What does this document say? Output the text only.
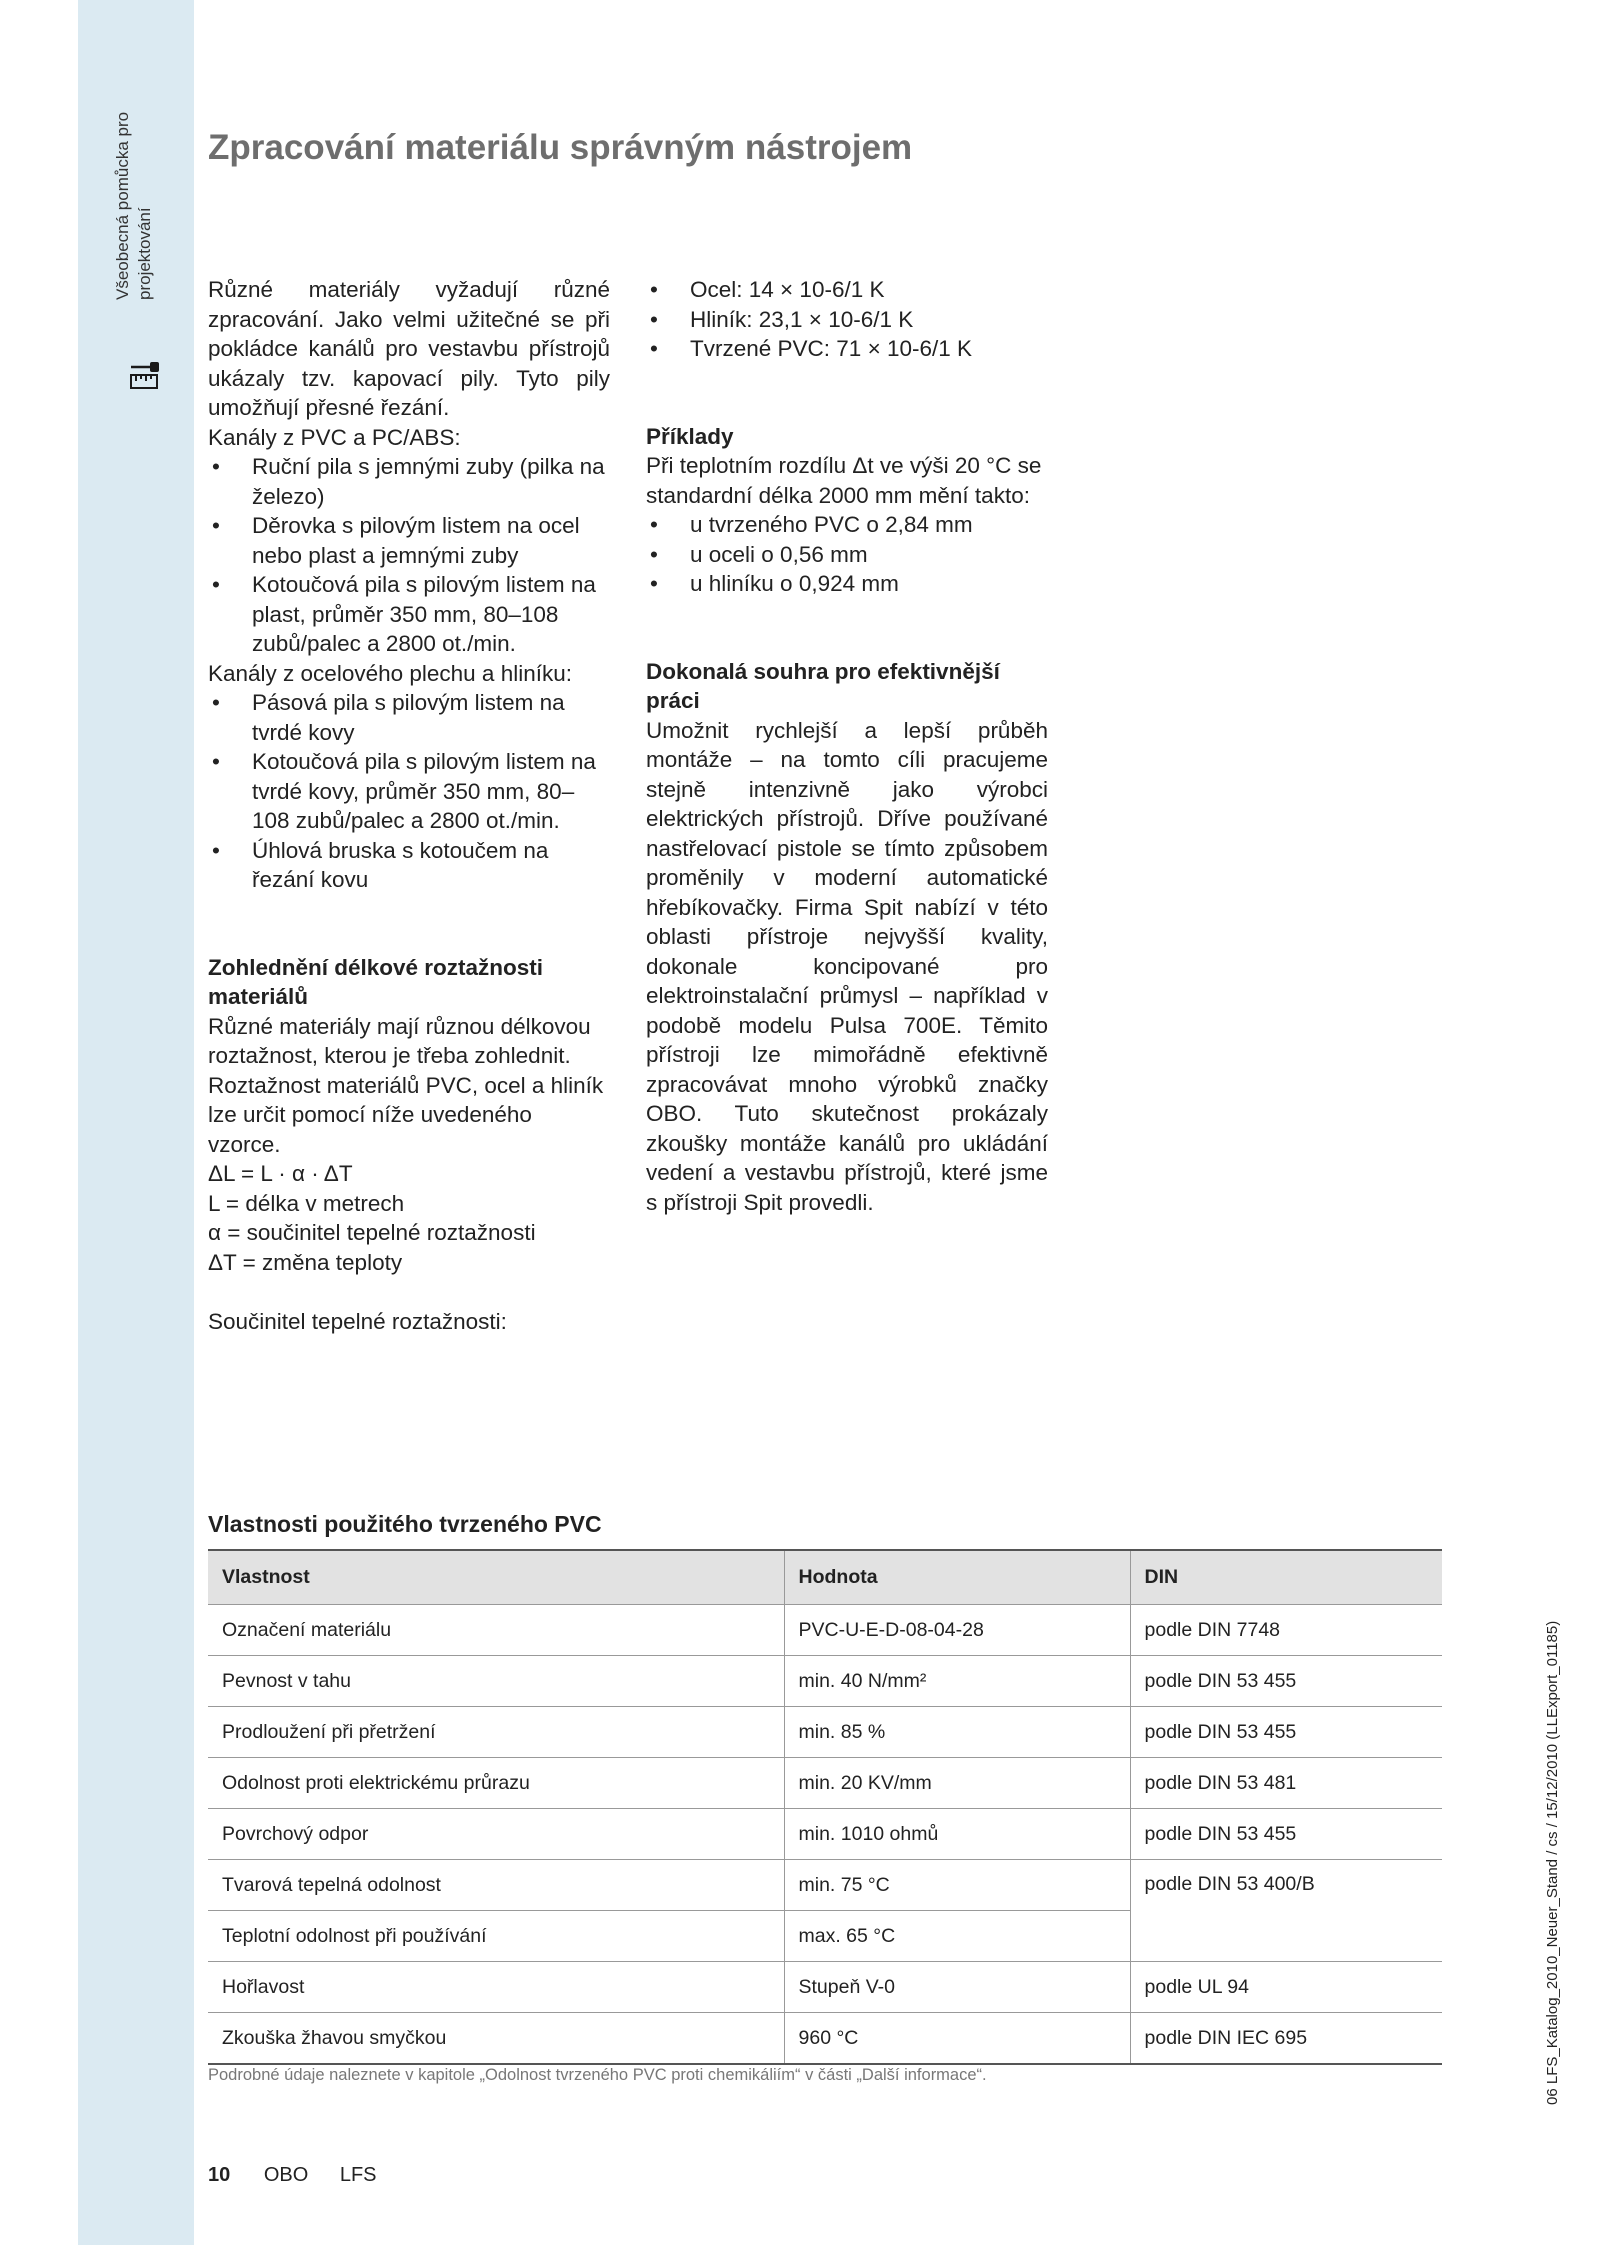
Všeobecná pomůcka pro projektování
06 LFS_Katalog_2010_Neuer_Stand / cs / 15/12/2010 (LLExport_01185)
Zpracování materiálu správným nástrojem

Různé materiály vyžadují různé zpracování. Jako velmi užitečné se při pokládce kanálů pro vestavbu přístrojů ukázaly tzv. kapovací pily. Tyto pily umožňují přesné řezání.

Kanály z PVC a PC/ABS:

• Ruční pila s jemnými zuby (pilka na železo)
• Děrovka s pilovým listem na ocel nebo plast a jemnými zuby
• Kotoučová pila s pilovým listem na plast, průměr 350 mm, 80–108 zubů/palec a 2800 ot./min.

Kanály z ocelového plechu a hliníku:

• Pásová pila s pilovým listem na tvrdé kovy
• Kotoučová pila s pilovým listem na tvrdé kovy, průměr 350 mm, 80–108 zubů/palec a 2800 ot./min.
• Úhlová bruska s kotoučem na řezání kovu
Zohlednění délkové roztažnosti materiálů

Různé materiály mají různou délkovou roztažnost, kterou je třeba zohlednit. Roztažnost materiálů PVC, ocel a hliník lze určit pomocí níže uvedeného vzorce.

ΔL = L · α · ΔT

L = délka v metrech

α = součinitel tepelné roztažnosti

ΔT = změna teploty

Součinitel tepelné roztažnosti:

• Ocel: 14 × 10-6/1 K
• Hliník: 23,1 × 10-6/1 K
• Tvrzené PVC: 71 × 10-6/1 K
Příklady

Při teplotním rozdílu Δt ve výši 20 °C se standardní délka 2000 mm mění takto:

• u tvrzeného PVC o 2,84 mm
• u oceli o 0,56 mm
• u hliníku o 0,924 mm
Dokonalá souhra pro efektivnější práci

Umožnit rychlejší a lepší průběh montáže – na tomto cíli pracujeme stejně intenzivně jako výrobci elektrických přístrojů. Dříve používané nastřelovací pistole se tímto způsobem proměnily v moderní automatické hřebíkovačky. Firma Spit nabízí v této oblasti přístroje nejvyšší kvality, dokonale koncipované pro elektroinstalační průmysl – například v podobě modelu Pulsa 700E. Těmito přístroji lze mimořádně efektivně zpracovávat mnoho výrobků značky OBO. Tuto skutečnost prokázaly zkoušky montáže kanálů pro ukládání vedení a vestavbu přístrojů, které jsme s přístroji Spit provedli.

Vlastnosti použitého tvrzeného PVC
Vlastnost	Hodnota	DIN
Označení materiálu	PVC-U-E-D-08-04-28	podle DIN 7748
Pevnost v tahu	min. 40 N/mm²	podle DIN 53 455
Prodloužení při přetržení	min. 85 %	podle DIN 53 455
Odolnost proti elektrickému průrazu	min. 20 KV/mm	podle DIN 53 481
Povrchový odpor	min. 1010 ohmů	podle DIN 53 455
Tvarová tepelná odolnost	min. 75 °C	podle DIN 53 400/B
Teplotní odolnost při používání	max. 65 °C	
Hořlavost	Stupeň V-0	podle UL 94
Zkouška žhavou smyčkou	960 °C	podle DIN IEC 695
Podrobné údaje naleznete v kapitole „Odolnost tvrzeného PVC proti chemikáliím“ v části „Další informace“.
10 OBO LFS
